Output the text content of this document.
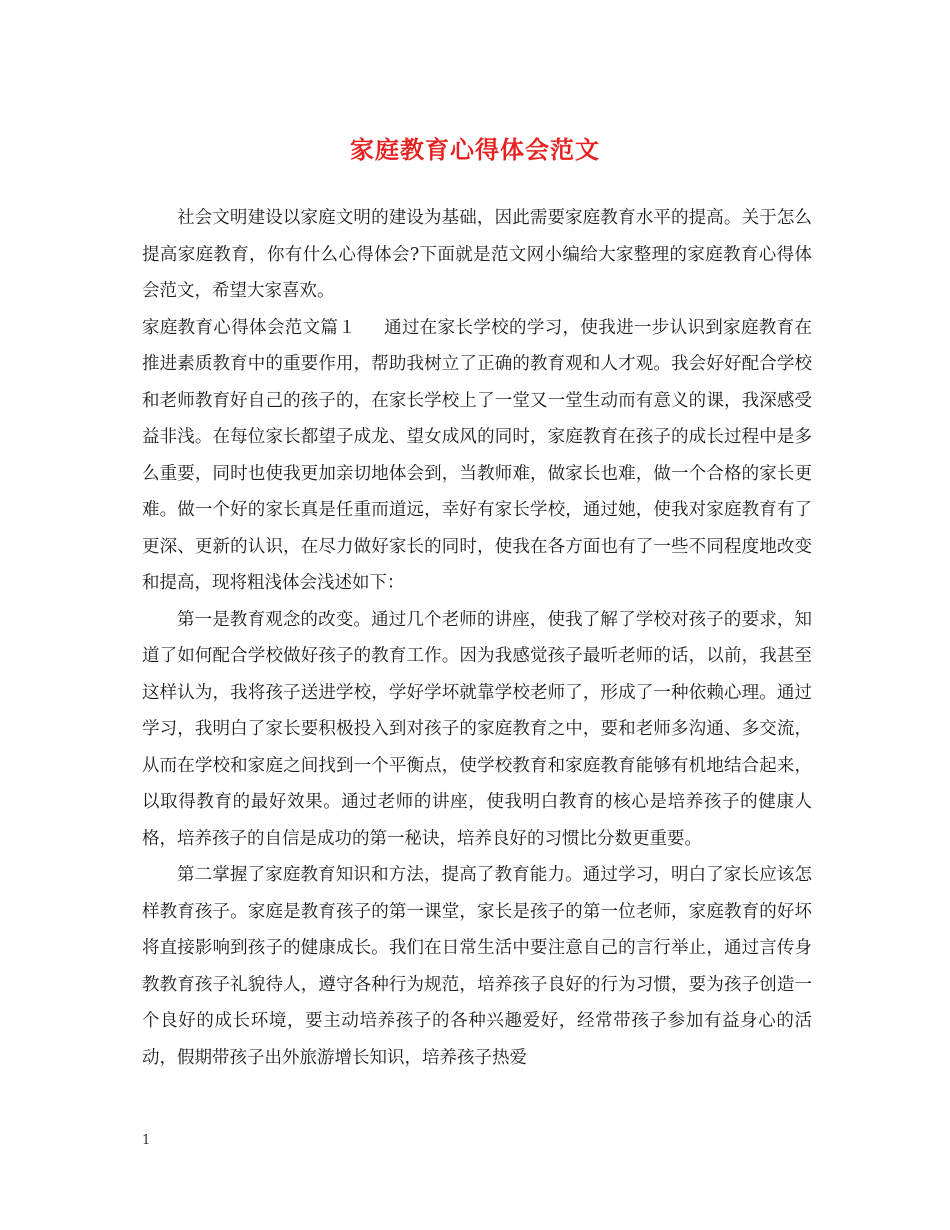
家庭教育心得体会范文

社会文明建设以家庭文明的建设为基础，因此需要家庭教育水平的提高。关于怎么提高家庭教育，你有什么心得体会?下面就是范文网小编给大家整理的家庭教育心得体会范文，希望大家喜欢。

家庭教育心得体会范文篇１ 通过在家长学校的学习，使我进一步认识到家庭教育在推进素质教育中的重要作用，帮助我树立了正确的教育观和人才观。我会好好配合学校和老师教育好自己的孩子的，在家长学校上了一堂又一堂生动而有意义的课，我深感受益非浅。在每位家长都望子成龙、望女成风的同时，家庭教育在孩子的成长过程中是多么重要，同时也使我更加亲切地体会到，当教师难，做家长也难，做一个合格的家长更难。做一个好的家长真是任重而道远，幸好有家长学校，通过她，使我对家庭教育有了更深、更新的认识，在尽力做好家长的同时，使我在各方面也有了一些不同程度地改变和提高，现将粗浅体会浅述如下：

第一是教育观念的改变。通过几个老师的讲座，使我了解了学校对孩子的要求，知道了如何配合学校做好孩子的教育工作。因为我感觉孩子最听老师的话，以前，我甚至这样认为，我将孩子送进学校，学好学坏就靠学校老师了，形成了一种依赖心理。通过学习，我明白了家长要积极投入到对孩子的家庭教育之中，要和老师多沟通、多交流，从而在学校和家庭之间找到一个平衡点，使学校教育和家庭教育能够有机地结合起来，以取得教育的最好效果。通过老师的讲座，使我明白教育的核心是培养孩子的健康人格，培养孩子的自信是成功的第一秘诀，培养良好的习惯比分数更重要。

第二掌握了家庭教育知识和方法，提高了教育能力。通过学习，明白了家长应该怎样教育孩子。家庭是教育孩子的第一课堂，家长是孩子的第一位老师，家庭教育的好坏将直接影响到孩子的健康成长。我们在日常生活中要注意自己的言行举止，通过言传身教教育孩子礼貌待人，遵守各种行为规范，培养孩子良好的行为习惯，要为孩子创造一个良好的成长环境，要主动培养孩子的各种兴趣爱好，经常带孩子参加有益身心的活动，假期带孩子出外旅游增长知识，培养孩子热爱

1
